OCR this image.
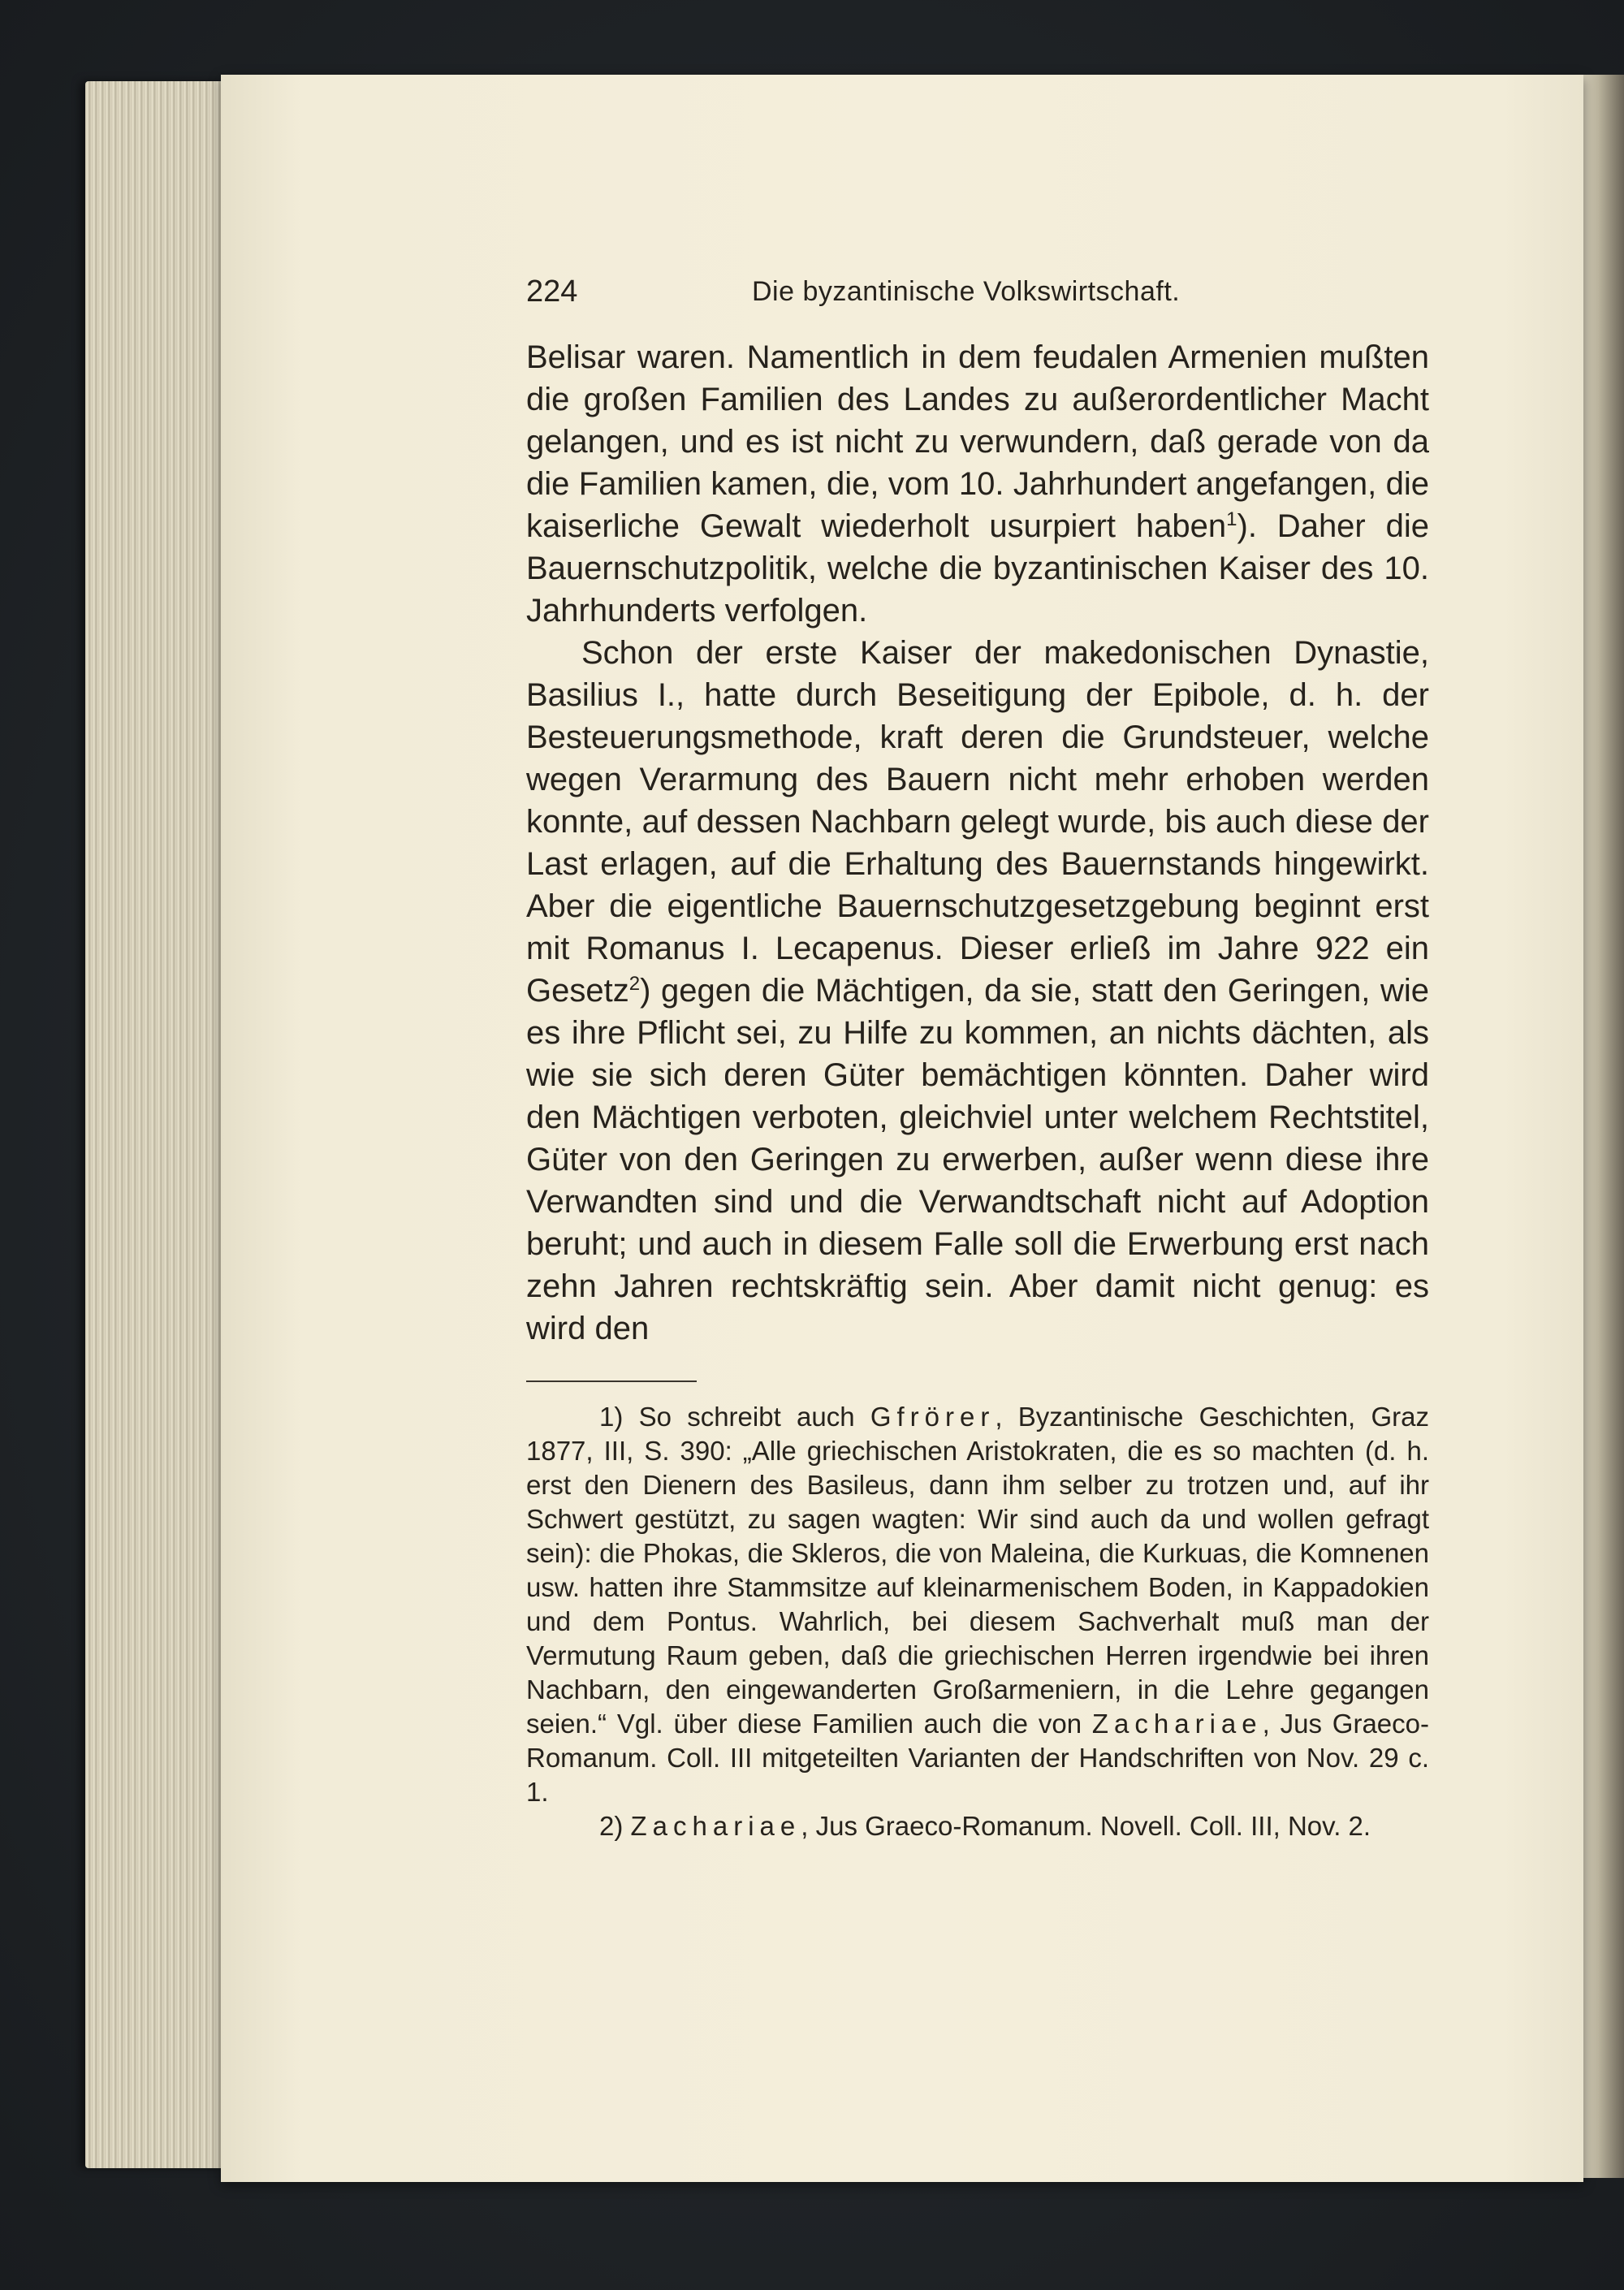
224	Die byzantinische Volkswirtschaft.

Belisar waren. Namentlich in dem feudalen Armenien mußten die großen Familien des Landes zu außerordentlicher Macht gelangen, und es ist nicht zu verwundern, daß gerade von da die Familien kamen, die, vom 10. Jahrhundert angefangen, die kaiserliche Gewalt wiederholt usurpiert haben$^1$). Daher die Bauernschutzpolitik, welche die byzantinischen Kaiser des 10. Jahrhunderts verfolgen.

Schon der erste Kaiser der makedonischen Dynastie, Basilius I., hatte durch Beseitigung der Epibole, d. h. der Besteuerungsmethode, kraft deren die Grundsteuer, welche wegen Verarmung des Bauern nicht mehr erhoben werden konnte, auf dessen Nachbarn gelegt wurde, bis auch diese der Last erlagen, auf die Erhaltung des Bauernstands hingewirkt. Aber die eigentliche Bauernschutzgesetzgebung beginnt erst mit Romanus I. Lecapenus. Dieser erließ im Jahre 922 ein Gesetz$^2$) gegen die Mächtigen, da sie, statt den Geringen, wie es ihre Pflicht sei, zu Hilfe zu kommen, an nichts dächten, als wie sie sich deren Güter bemächtigen könnten. Daher wird den Mächtigen verboten, gleichviel unter welchem Rechtstitel, Güter von den Geringen zu erwerben, außer wenn diese ihre Verwandten sind und die Verwandtschaft nicht auf Adoption beruht; und auch in diesem Falle soll die Erwerbung erst nach zehn Jahren rechtskräftig sein. Aber damit nicht genug: es wird den

1) So schreibt auch Gfrörer, Byzantinische Geschichten, Graz 1877, III, S. 390: „Alle griechischen Aristokraten, die es so machten (d. h. erst den Dienern des Basileus, dann ihm selber zu trotzen und, auf ihr Schwert gestützt, zu sagen wagten: Wir sind auch da und wollen gefragt sein): die Phokas, die Skleros, die von Maleina, die Kurkuas, die Komnenen usw. hatten ihre Stammsitze auf kleinarmenischem Boden, in Kappadokien und dem Pontus. Wahrlich, bei diesem Sachverhalt muß man der Vermutung Raum geben, daß die griechischen Herren irgendwie bei ihren Nachbarn, den eingewanderten Großarmeniern, in die Lehre gegangen seien.“ Vgl. über diese Familien auch die von Zachariae, Jus Graeco-Romanum. Coll. III mitgeteilten Varianten der Handschriften von Nov. 29 c. 1.

2) Zachariae, Jus Graeco-Romanum. Novell. Coll. III, Nov. 2.
